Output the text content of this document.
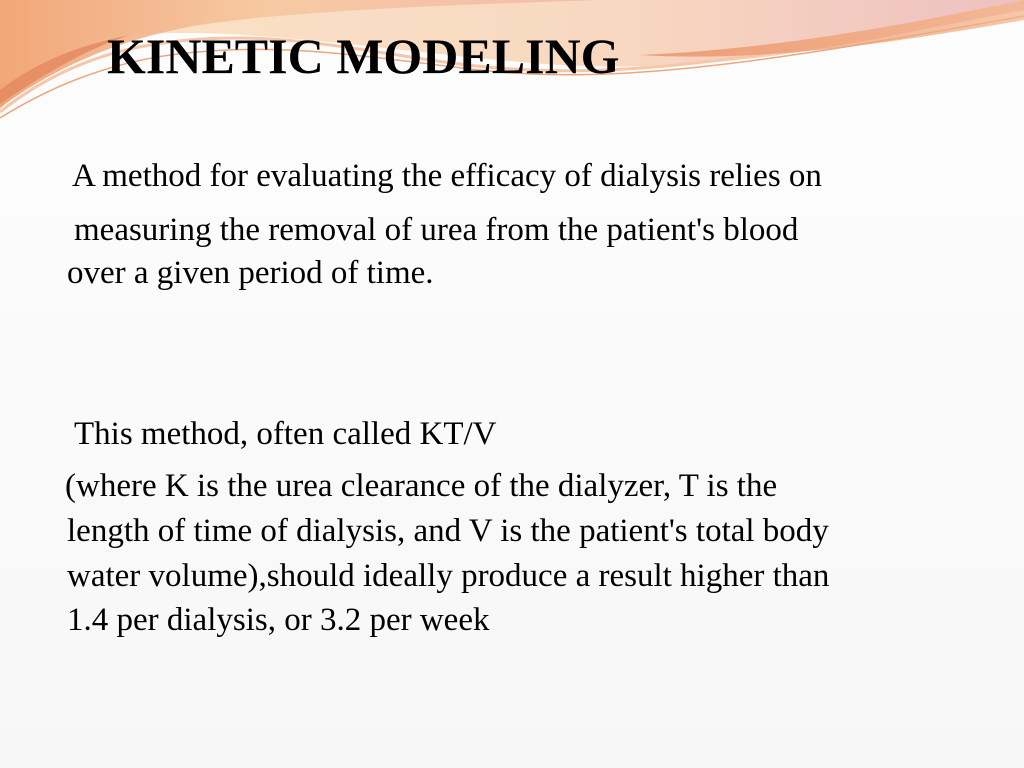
KINETIC MODELING

A method for evaluating the efficacy of dialysis relies on

measuring the removal of urea from the patient's blood

over a given period of time.

This method, often called KT/V

(where K is the urea clearance of the dialyzer, T is the

length of time of dialysis, and V is the patient's total body

water volume),should ideally produce a result higher than

1.4 per dialysis, or 3.2 per week
